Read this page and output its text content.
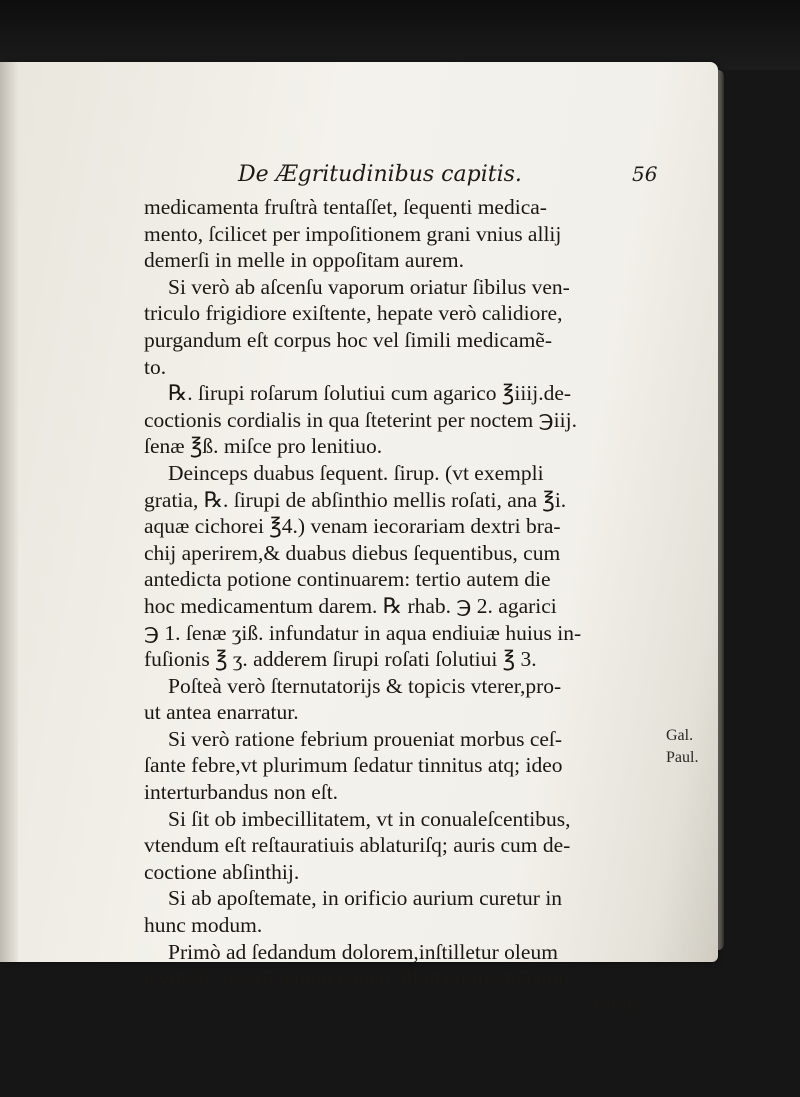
De Ægritudinibus capitis.	56
medicamenta fruſtrà tentaſſet, ſequenti medica-
mento, ſcilicet per impoſitionem grani vnius allij
demerſi in melle in oppoſitam aurem.
Si verò ab aſcenſu vaporum oriatur ſibilus ven-
triculo frigidiore exiſtente, hepate verò calidiore,
purgandum eſt corpus hoc vel ſimili medicamẽ-
to.
℞. ſirupi roſarum ſolutiui cum agarico ℥iiij.de-
coctionis cordialis in qua ſteterint per noctem ℈iij.
ſenæ ℥ß. miſce pro lenitiuo.
Deinceps duabus ſequent. ſirup. (vt exempli
gratia, ℞. ſirupi de abſinthio mellis roſati, ana ℥i.
aquæ cichorei ℥4.) venam iecorariam dextri bra-
chij aperirem,& duabus diebus ſequentibus, cum
antedicta potione continuarem: tertio autem die
hoc medicamentum darem. ℞ rhab. ℈ 2. agarici
℈ 1. ſenæ ʒiß. infundatur in aqua endiuiæ huius in-
fuſionis ℥ ʒ. adderem ſirupi roſati ſolutiui ℥ 3.
Poſteà verò ſternutatorijs & topicis vterer,pro-
ut antea enarratur.
Si verò ratione febrium proueniat morbus ceſ-
ſante febre,vt plurimum ſedatur tinnitus atq; ideo
interturbandus non eſt.
Si ſit ob imbecillitatem, vt in conualeſcentibus,
vtendum eſt reſtauratiuis ablaturiſq; auris cum de-
coctione abſinthij.
Si ab apoſtemate, in orificio aurium curetur in
hunc modum.
Primò ad ſedandum dolorem,inſtilletur oleum
è vitellis ouorũ,tepidũ tamen, illud enim oleũ non
ſolum
Gal.
Paul.
